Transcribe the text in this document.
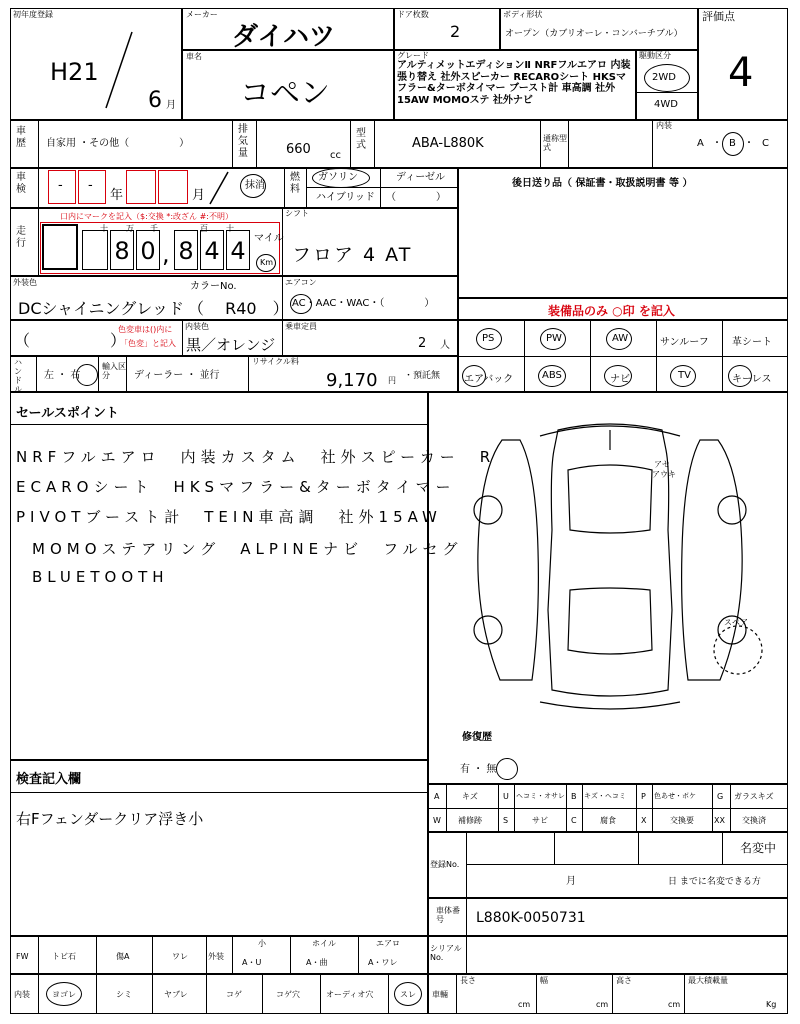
初年度登録
H21
6 月
メーカー
ダイハツ
車名
コペン
ドア枚数
2
ボディ形状
オープン（カブリオーレ・コンバーチブル）
グレード
アルティメットエディションⅡ NRFフルエアロ 内装張り替え 社外スピーカー RECAROシート HKSマフラー&ターボタイマー ブースト計 車高調 社外15AW MOMOステ 社外ナビ
駆動区分
2WD
4WD
評価点
4
車歴	自家用 ・その他（　　　　　）
排気量	660 cc
型式	ABA-L880K	通称型式
内装
A ・ B ・ C
車検	- -
年	月
抹消
燃料
ガソリン	ディーゼル
ハイブリッド （　　　　）
後日送り品（ 保証書・取扱説明書 等 ）
走行
口内にマークを記入（$:交換 *:改ざん #:不明）
十 万 千	百 十
8 0 , 8 4 4 マイル
Km
シフト
フロア 4 AT
外装色
DCシャイニングレッド
カラーNo.
（　 R40　）
エアコン
AC・AAC・WAC・（　　　　）
（　　　　　）
色変車は()内に
「色変」と記入
内装色
黒／オレンジ
乗車定員
2 人
装備品のみ ○印 を記入
PS	PW	AW	サンルーフ 革シート
エアバック	ABS	ナビ	TV	キーレス
ハンドル
左 ・ 右
輸入区分	ディーラー ・ 並行
リサイクル料
9,170 円 ・預託無
セールスポイント
NRFフルエアロ　内装カスタム　社外スピーカー　R
ECAROシート　HKSマフラー&ターボタイマー
PIVOTブースト計　TEIN車高調　社外15AW
MOMOステアリング　ALPINEナビ　フルセグ
BLUETOOTH
アセ
アウキ
スペア
修復歴
有 ・ 無
検査記入欄
右Fフェンダークリア浮き小
A	キズ	U ヘコミ・オサレ B キズ・ヘコミ P 色あせ・ボケ	G ガラスキズ
W 補修跡	S	サビ	C	腐食	X	交換要	XX 交換済
登録No.
名変中
月	日 までに名変できる方
車体番号	L880K-0050731
FW	トビ石	傷A	ワレ	外装
小
A・U
ホイル
A・曲
エアロ
A・ワレ
シリアルNo.
内装	ヨゴレ	シミ	ヤブレ	コゲ	コゲ穴	オーディオ穴	スレ 車輛
長さ
cm
幅
cm
高さ
cm
最大積載量
Kg
